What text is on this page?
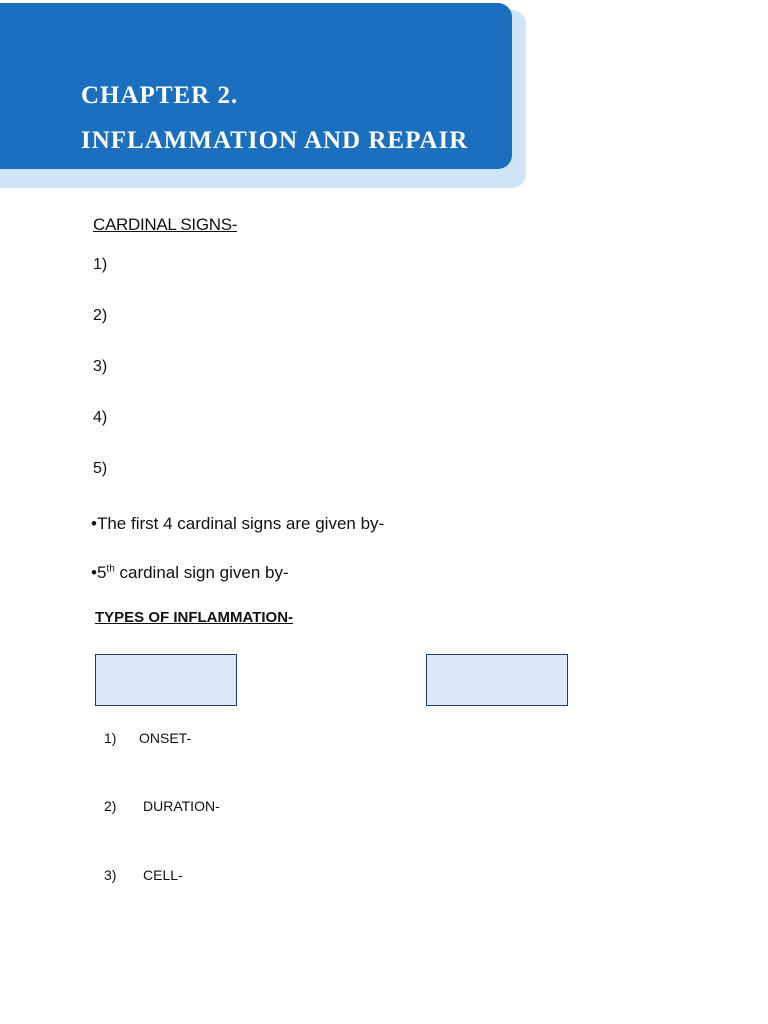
CHAPTER 2.
INFLAMMATION AND REPAIR
CARDINAL SIGNS-
1)
2)
3)
4)
5)
•The first 4 cardinal signs are given by-
•5th cardinal sign given by-
TYPES OF INFLAMMATION-
1) ONSET-
2) DURATION-
3) CELL-
